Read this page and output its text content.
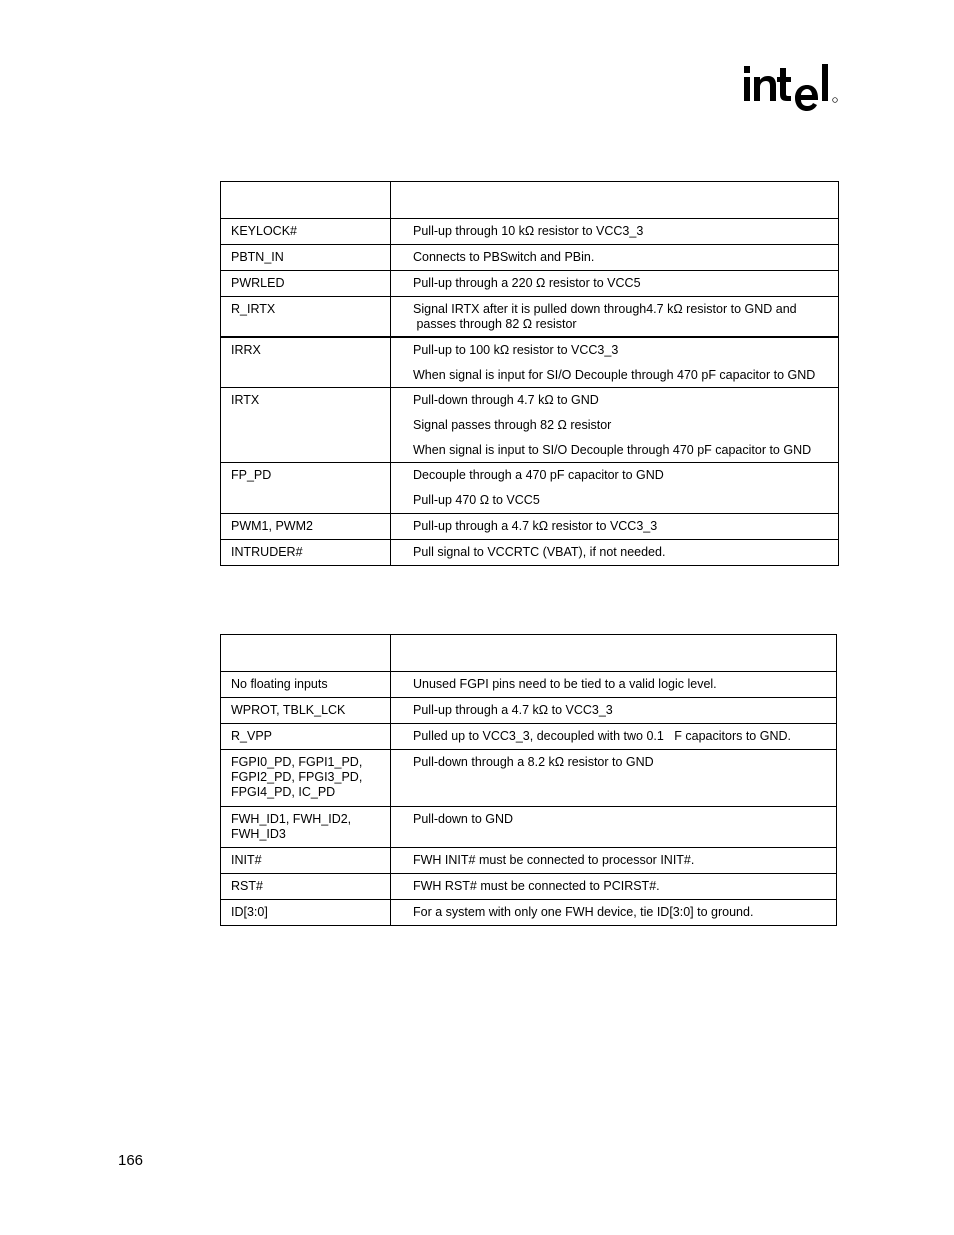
KEYLOCK#	Pull-up through 10 kΩ resistor to VCC3_3

PBTN_IN	Connects to PBSwitch and PBin.

PWRLED	Pull-up through a 220 Ω resistor to VCC5

R_IRTX	Signal IRTX after it is pulled down through4.7 kΩ resistor to GND and
passes through 82 Ω resistor

IRRX	Pull-up to 100 kΩ resistor to VCC3_3
When signal is input for SI/O Decouple through 470 pF capacitor to GND

IRTX	Pull-down through 4.7 kΩ to GND
Signal passes through 82 Ω resistor
When signal is input to SI/O Decouple through 470 pF capacitor to GND

FP_PD	Decouple through a 470 pF capacitor to GND
Pull-up 470 Ω to VCC5

PWM1, PWM2	Pull-up through a 4.7 kΩ resistor to VCC3_3

INTRUDER#	Pull signal to VCCRTC (VBAT), if not needed.

No floating inputs	Unused FGPI pins need to be tied to a valid logic level.

WPROT, TBLK_LCK	Pull-up through a 4.7 kΩ to VCC3_3

R_VPP	Pulled up to VCC3_3, decoupled with two 0.1   F capacitors to GND.

FGPI0_PD, FGPI1_PD, FGPI2_PD, FPGI3_PD, FPGI4_PD, IC_PD	Pull-down through a 8.2 kΩ resistor to GND

FWH_ID1, FWH_ID2, FWH_ID3	Pull-down to GND

INIT#	FWH INIT# must be connected to processor INIT#.

RST#	FWH RST# must be connected to PCIRST#.

ID[3:0]	For a system with only one FWH device, tie ID[3:0] to ground.
166
